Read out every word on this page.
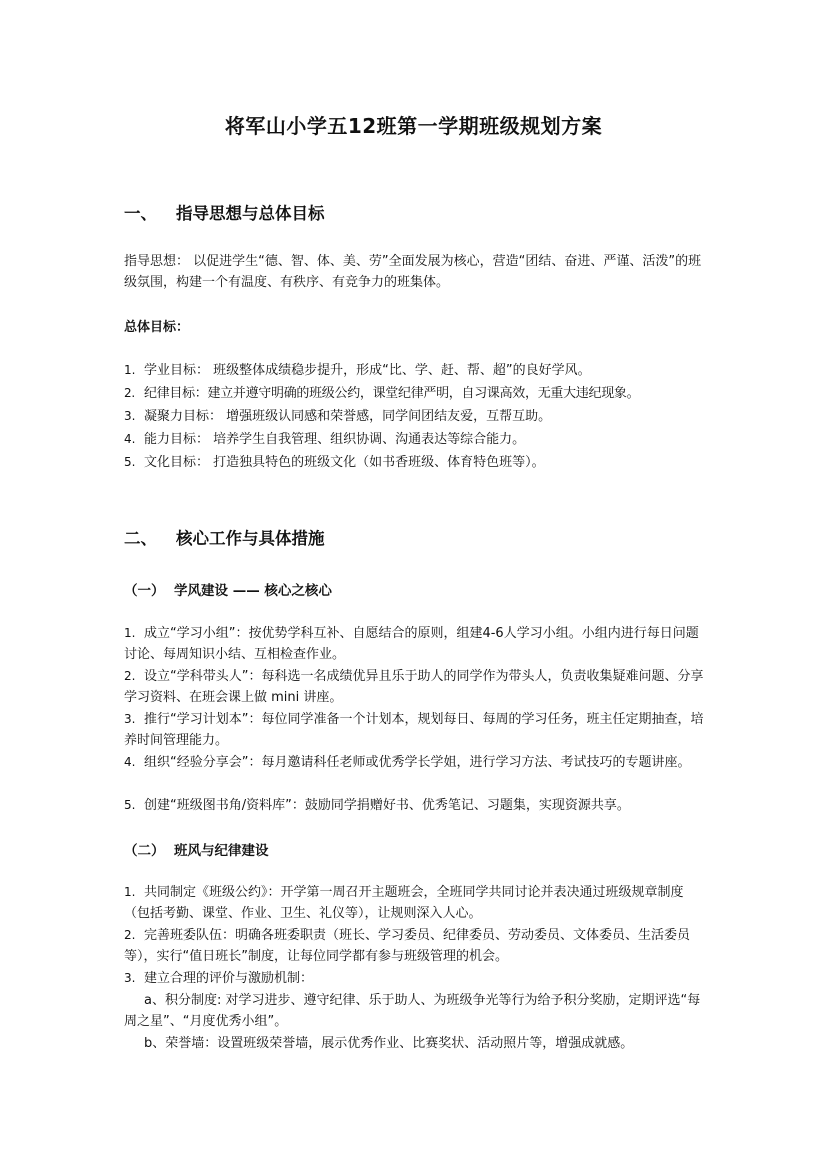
将军山小学五12班第一学期班级规划方案
一、 指导思想与总体目标
指导思想： 以促进学生“德、智、体、美、劳”全面发展为核心，营造“团结、奋进、严谨、活泼”的班级氛围，构建一个有温度、有秩序、有竞争力的班集体。
总体目标：
1. 学业目标： 班级整体成绩稳步提升，形成“比、学、赶、帮、超”的良好学风。
2. 纪律目标：建立并遵守明确的班级公约，课堂纪律严明，自习课高效，无重大违纪现象。
3. 凝聚力目标： 增强班级认同感和荣誉感，同学间团结友爱，互帮互助。
4. 能力目标： 培养学生自我管理、组织协调、沟通表达等综合能力。
5. 文化目标： 打造独具特色的班级文化（如书香班级、体育特色班等）。
二、 核心工作与具体措施
（一） 学风建设 —— 核心之核心
1. 成立“学习小组”：按优势学科互补、自愿结合的原则，组建4-6人学习小组。小组内进行每日问题讨论、每周知识小结、互相检查作业。
2. 设立“学科带头人”：每科选一名成绩优异且乐于助人的同学作为带头人，负责收集疑难问题、分享学习资料、在班会课上做 mini 讲座。
3. 推行“学习计划本”：每位同学准备一个计划本，规划每日、每周的学习任务，班主任定期抽查，培养时间管理能力。
4. 组织“经验分享会”：每月邀请科任老师或优秀学长学姐，进行学习方法、考试技巧的专题讲座。
5. 创建“班级图书角/资料库”：鼓励同学捐赠好书、优秀笔记、习题集，实现资源共享。
（二） 班风与纪律建设
1. 共同制定《班级公约》：开学第一周召开主题班会，全班同学共同讨论并表决通过班级规章制度（包括考勤、课堂、作业、卫生、礼仪等），让规则深入人心。
2. 完善班委队伍：明确各班委职责（班长、学习委员、纪律委员、劳动委员、文体委员、生活委员等），实行“值日班长”制度，让每位同学都有参与班级管理的机会。
3. 建立合理的评价与激励机制：
a、积分制度: 对学习进步、遵守纪律、乐于助人、为班级争光等行为给予积分奖励，定期评选“每周之星”、“月度优秀小组”。
b、荣誉墙：设置班级荣誉墙，展示优秀作业、比赛奖状、活动照片等，增强成就感。
